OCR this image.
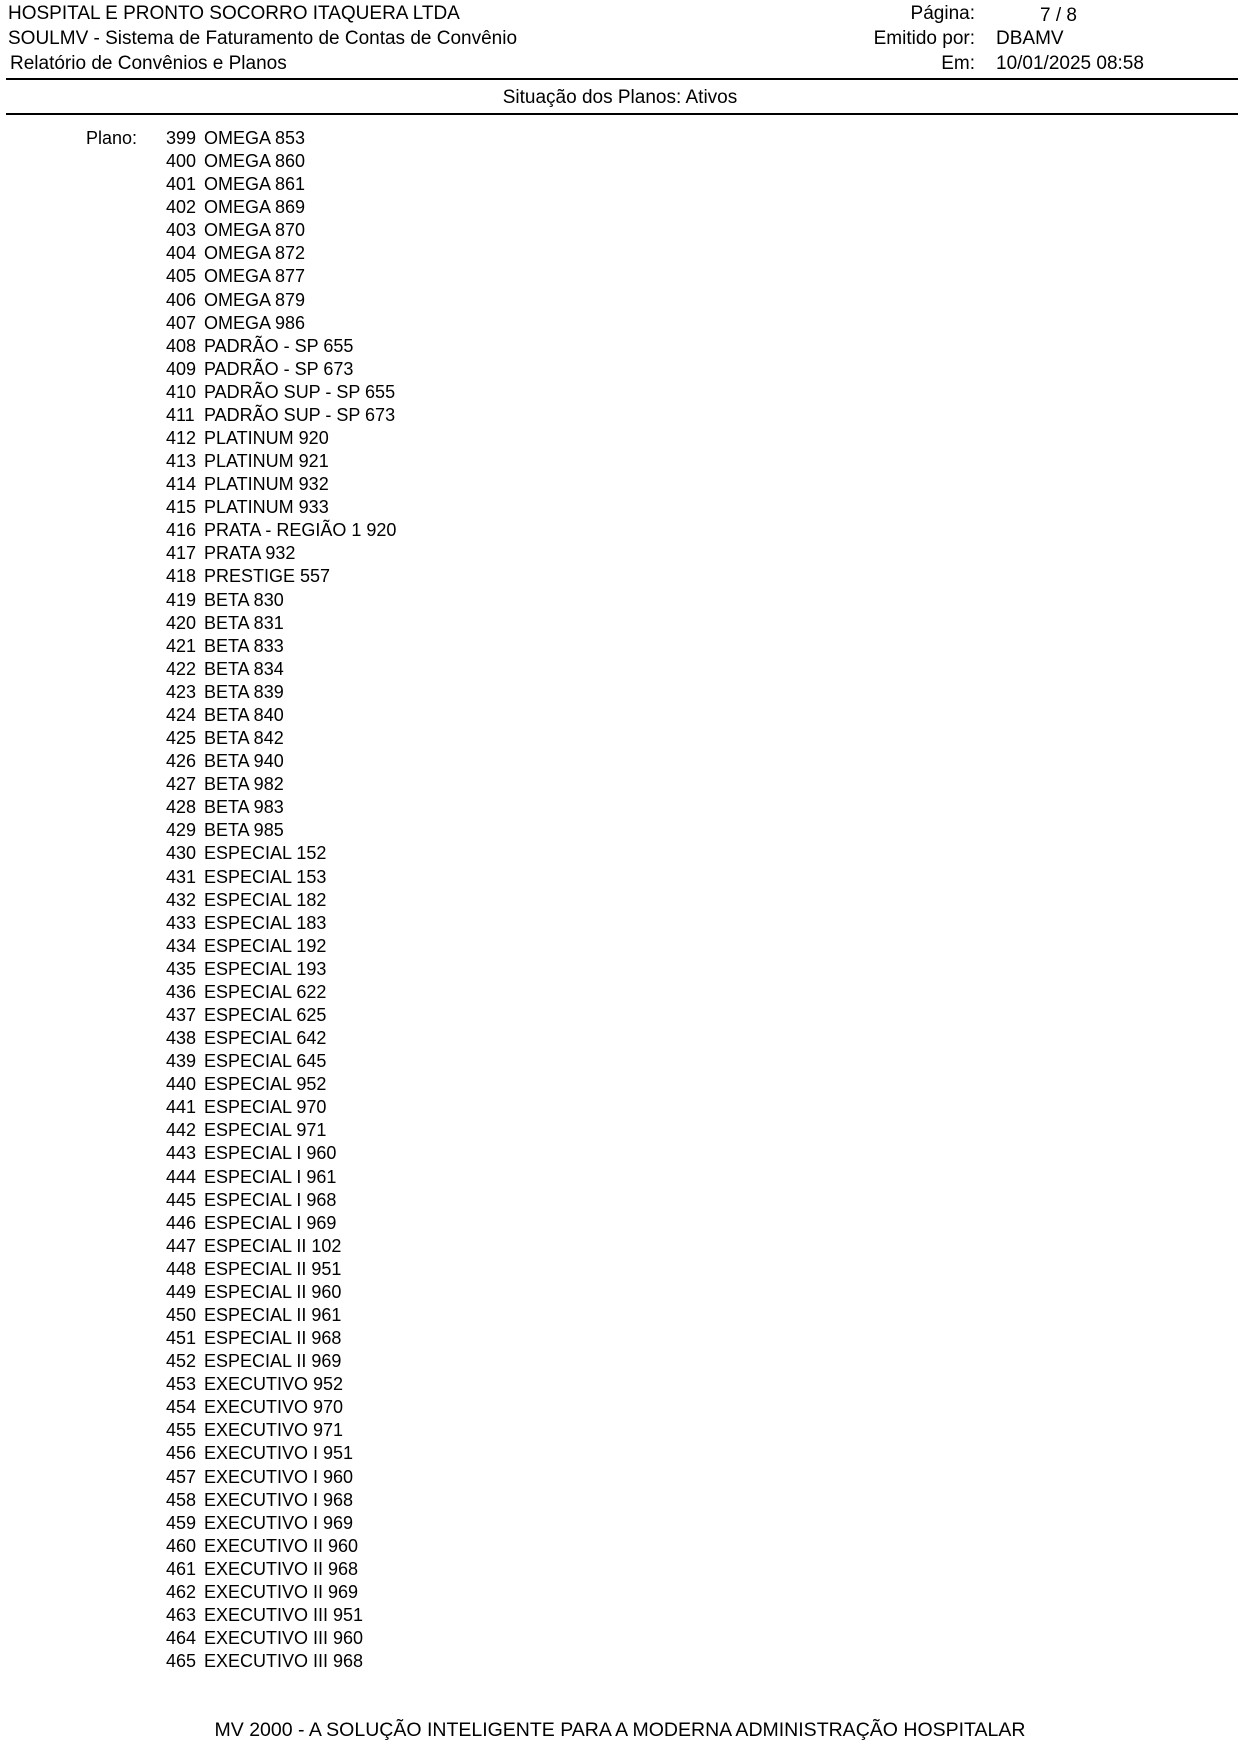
HOSPITAL E PRONTO SOCORRO ITAQUERA LTDA
SOULMV - Sistema de Faturamento de Contas de Convênio
Relatório de Convênios e Planos
Página:	7 / 8
Emitido por: DBAMV
Em: 10/01/2025 08:58
Situação dos Planos: Ativos
Plano: 399 OMEGA 853
400 OMEGA 860
401 OMEGA 861
402 OMEGA 869
403 OMEGA 870
404 OMEGA 872
405 OMEGA 877
406 OMEGA 879
407 OMEGA 986
408 PADRÃO - SP 655
409 PADRÃO - SP 673
410 PADRÃO SUP - SP 655
411 PADRÃO SUP - SP 673
412 PLATINUM 920
413 PLATINUM 921
414 PLATINUM 932
415 PLATINUM 933
416 PRATA - REGIÃO 1 920
417 PRATA 932
418 PRESTIGE 557
419 BETA 830
420 BETA 831
421 BETA 833
422 BETA 834
423 BETA 839
424 BETA 840
425 BETA 842
426 BETA 940
427 BETA 982
428 BETA 983
429 BETA 985
430 ESPECIAL 152
431 ESPECIAL 153
432 ESPECIAL 182
433 ESPECIAL 183
434 ESPECIAL 192
435 ESPECIAL 193
436 ESPECIAL 622
437 ESPECIAL 625
438 ESPECIAL 642
439 ESPECIAL 645
440 ESPECIAL 952
441 ESPECIAL 970
442 ESPECIAL 971
443 ESPECIAL I 960
444 ESPECIAL I 961
445 ESPECIAL I 968
446 ESPECIAL I 969
447 ESPECIAL II 102
448 ESPECIAL II 951
449 ESPECIAL II 960
450 ESPECIAL II 961
451 ESPECIAL II 968
452 ESPECIAL II 969
453 EXECUTIVO 952
454 EXECUTIVO 970
455 EXECUTIVO 971
456 EXECUTIVO I 951
457 EXECUTIVO I 960
458 EXECUTIVO I 968
459 EXECUTIVO I 969
460 EXECUTIVO II 960
461 EXECUTIVO II 968
462 EXECUTIVO II 969
463 EXECUTIVO III 951
464 EXECUTIVO III 960
465 EXECUTIVO III 968
MV 2000 - A SOLUÇÃO INTELIGENTE PARA A MODERNA ADMINISTRAÇÃO HOSPITALAR
